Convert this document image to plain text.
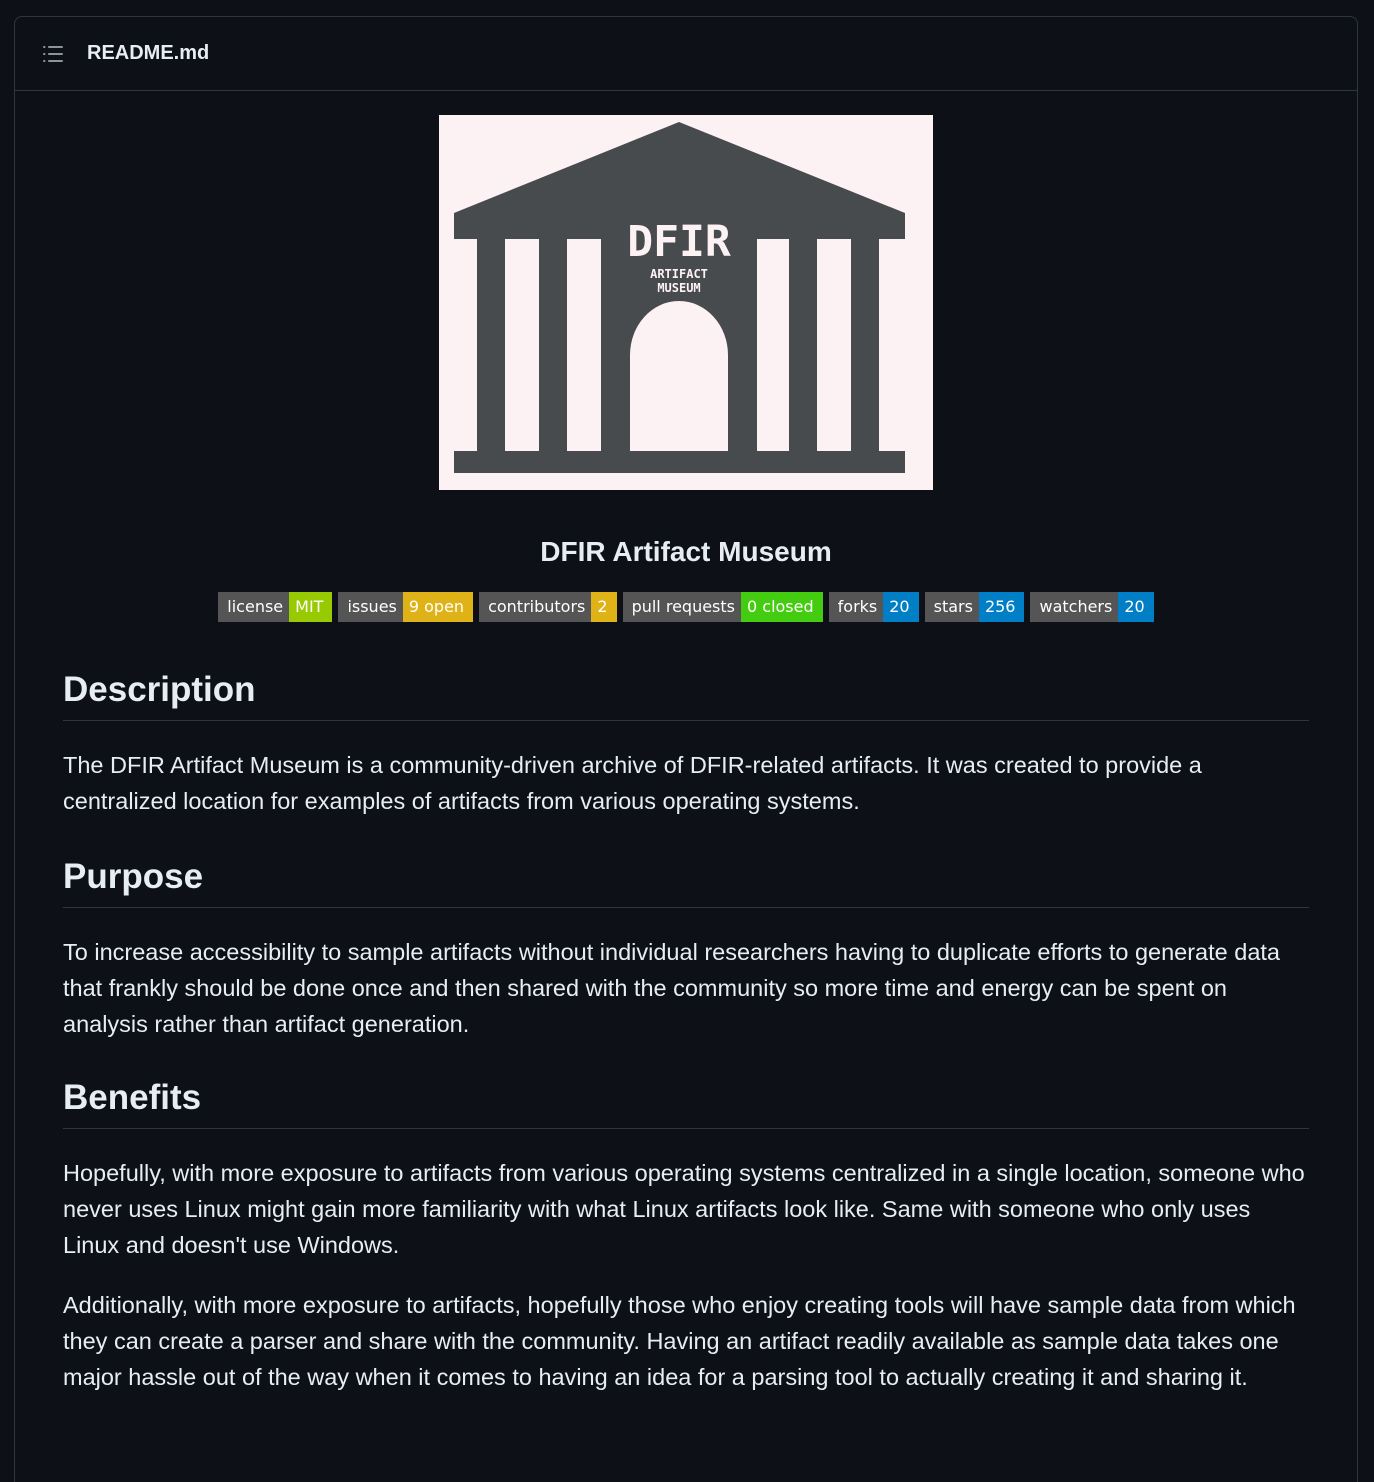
README.md
DFIR
ARTIFACT
MUSEUM
DFIR Artifact Museum
license MIT	issues 9 open	contributors 2	pull requests 0 closed	forks 20	stars 256	watchers 20
Description

The DFIR Artifact Museum is a community-driven archive of DFIR-related artifacts. It was created to provide a centralized location for examples of artifacts from various operating systems.

Purpose

To increase accessibility to sample artifacts without individual researchers having to duplicate efforts to generate data that frankly should be done once and then shared with the community so more time and energy can be spent on analysis rather than artifact generation.

Benefits

Hopefully, with more exposure to artifacts from various operating systems centralized in a single location, someone who never uses Linux might gain more familiarity with what Linux artifacts look like. Same with someone who only uses Linux and doesn't use Windows.

Additionally, with more exposure to artifacts, hopefully those who enjoy creating tools will have sample data from which they can create a parser and share with the community. Having an artifact readily available as sample data takes one major hassle out of the way when it comes to having an idea for a parsing tool to actually creating it and sharing it.
